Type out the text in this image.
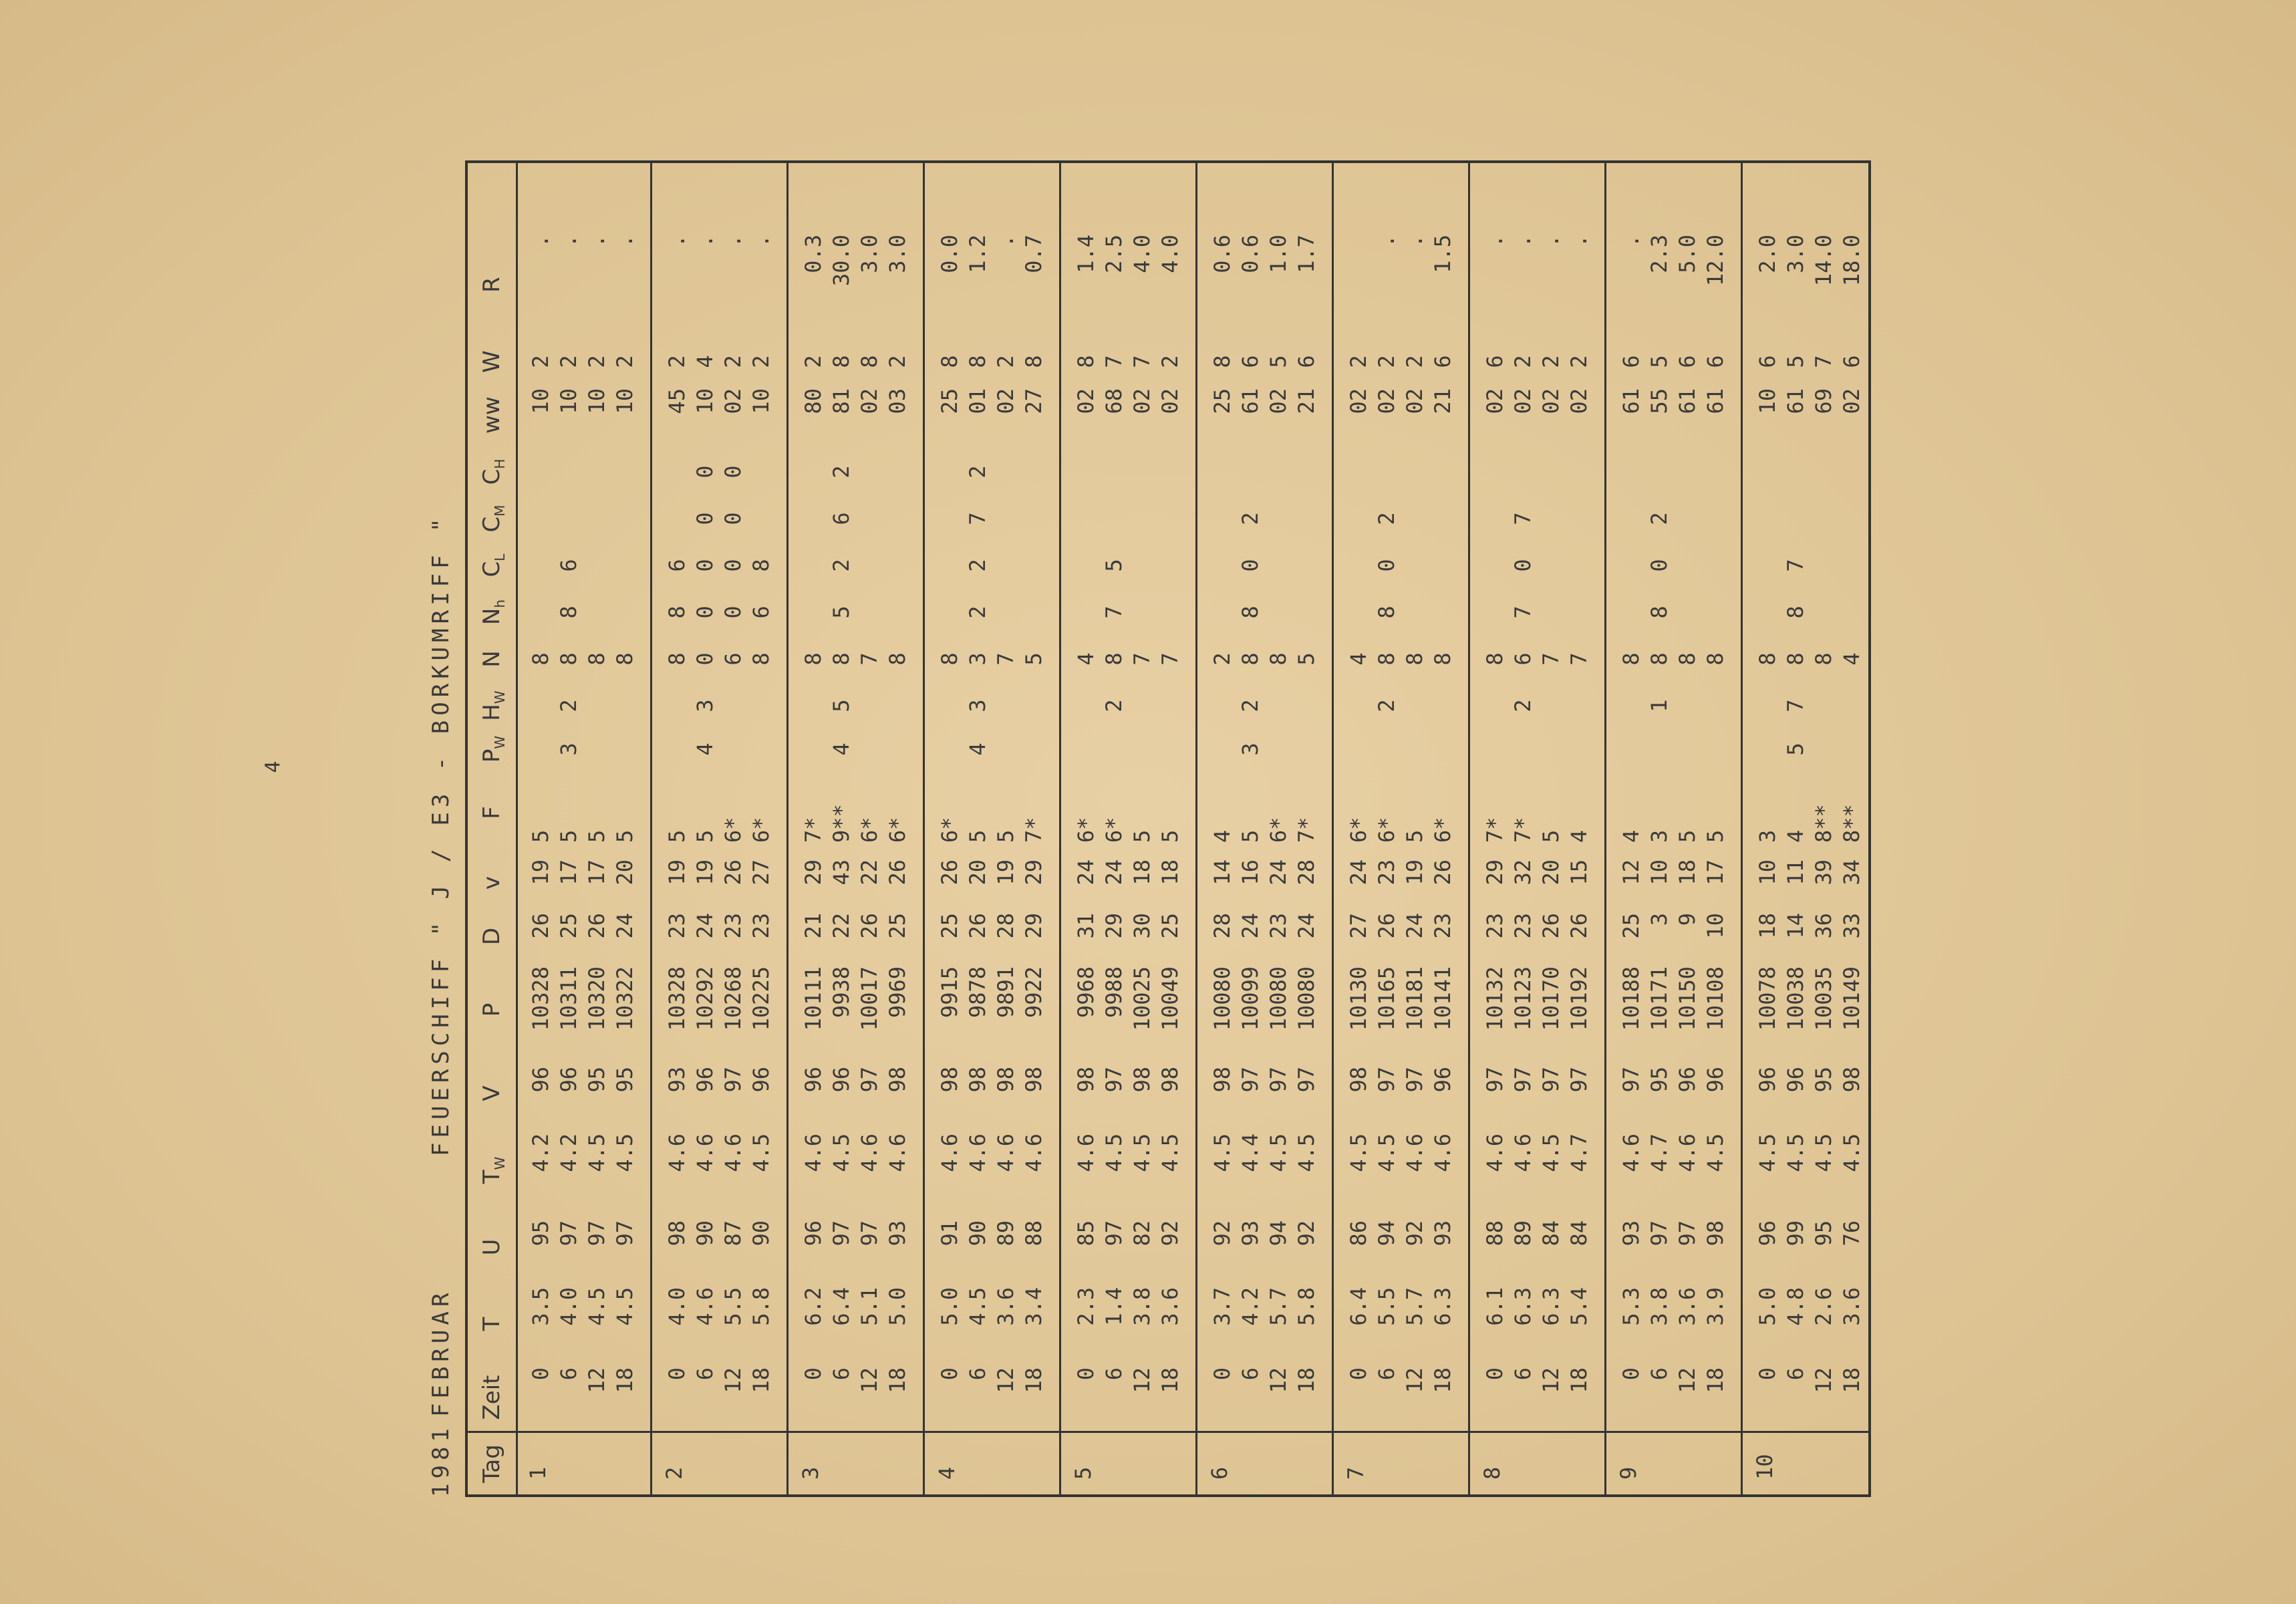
4
1981
FEBRUAR
FEUERSCHIFF " J / E3 - BORKUMRIFF "
Tag
Zeit
T
U
$T_W$
V
P
D
v
F
$P_W$
$H_W$
N
$N_h$
$C_L$
$C_M$
$C_H$
ww
W
R
1
0
3.5
95
4.2
96
10328
26
19
5
8
10
2
.
6
4.0
97
4.2
96
10311
25
17
5
3
2
8
8
6
10
2
.
12
4.5
97
4.5
95
10320
26
17
5
8
10
2
.
18
4.5
97
4.5
95
10322
24
20
5
8
10
2
.
2
0
4.0
98
4.6
93
10328
23
19
5
8
8
6
45
2
.
6
4.6
90
4.6
96
10292
24
19
5
4
3
0
0
0
0
0
10
4
.
12
5.5
87
4.6
97
10268
23
26
6*
6
0
0
0
0
02
2
.
18
5.8
90
4.5
96
10225
23
27
6*
8
6
8
10
2
.
3
0
6.2
96
4.6
96
10111
21
29
7*
8
80
2
0.3
6
6.4
97
4.5
96
9938
22
43
9**
4
5
8
5
2
6
2
81
8
30.0
12
5.1
97
4.6
97
10017
26
22
6*
7
02
8
3.0
18
5.0
93
4.6
98
9969
25
26
6*
8
03
2
3.0
4
0
5.0
91
4.6
98
9915
25
26
6*
8
25
8
0.0
6
4.5
90
4.6
98
9878
26
20
5
4
3
3
2
2
7
2
01
8
1.2
12
3.6
89
4.6
98
9891
28
19
5
7
02
2
.
18
3.4
88
4.6
98
9922
29
29
7*
5
27
8
0.7
5
0
2.3
85
4.6
98
9968
31
24
6*
4
02
8
1.4
6
1.4
97
4.5
97
9988
29
24
6*
2
8
7
5
68
7
2.5
12
3.8
82
4.5
98
10025
30
18
5
7
02
7
4.0
18
3.6
92
4.5
98
10049
25
18
5
7
02
2
4.0
6
0
3.7
92
4.5
98
10080
28
14
4
2
25
8
0.6
6
4.2
93
4.4
97
10099
24
16
5
3
2
8
8
0
2
61
6
0.6
12
5.7
94
4.5
97
10080
23
24
6*
8
02
5
1.0
18
5.8
92
4.5
97
10080
24
28
7*
5
21
6
1.7
7
0
6.4
86
4.5
98
10130
27
24
6*
4
02
2
6
5.5
94
4.5
97
10165
26
23
6*
2
8
8
0
2
02
2
.
12
5.7
92
4.6
97
10181
24
19
5
8
02
2
.
18
6.3
93
4.6
96
10141
23
26
6*
8
21
6
1.5
8
0
6.1
88
4.6
97
10132
23
29
7*
8
02
6
.
6
6.3
89
4.6
97
10123
23
32
7*
2
6
7
0
7
02
2
.
12
6.3
84
4.5
97
10170
26
20
5
7
02
2
.
18
5.4
84
4.7
97
10192
26
15
4
7
02
2
.
9
0
5.3
93
4.6
97
10188
25
12
4
8
61
6
.
6
3.8
97
4.7
95
10171
3
10
3
1
8
8
0
2
55
5
2.3
12
3.6
97
4.6
96
10150
9
18
5
8
61
6
5.0
18
3.9
98
4.5
96
10108
10
17
5
8
61
6
12.0
10
0
5.0
96
4.5
96
10078
18
10
3
8
10
6
2.0
6
4.8
99
4.5
96
10038
14
11
4
5
7
8
8
7
61
5
3.0
12
2.6
95
4.5
95
10035
36
39
8**
8
69
7
14.0
18
3.6
76
4.5
98
10149
33
34
8**
4
02
6
18.0
